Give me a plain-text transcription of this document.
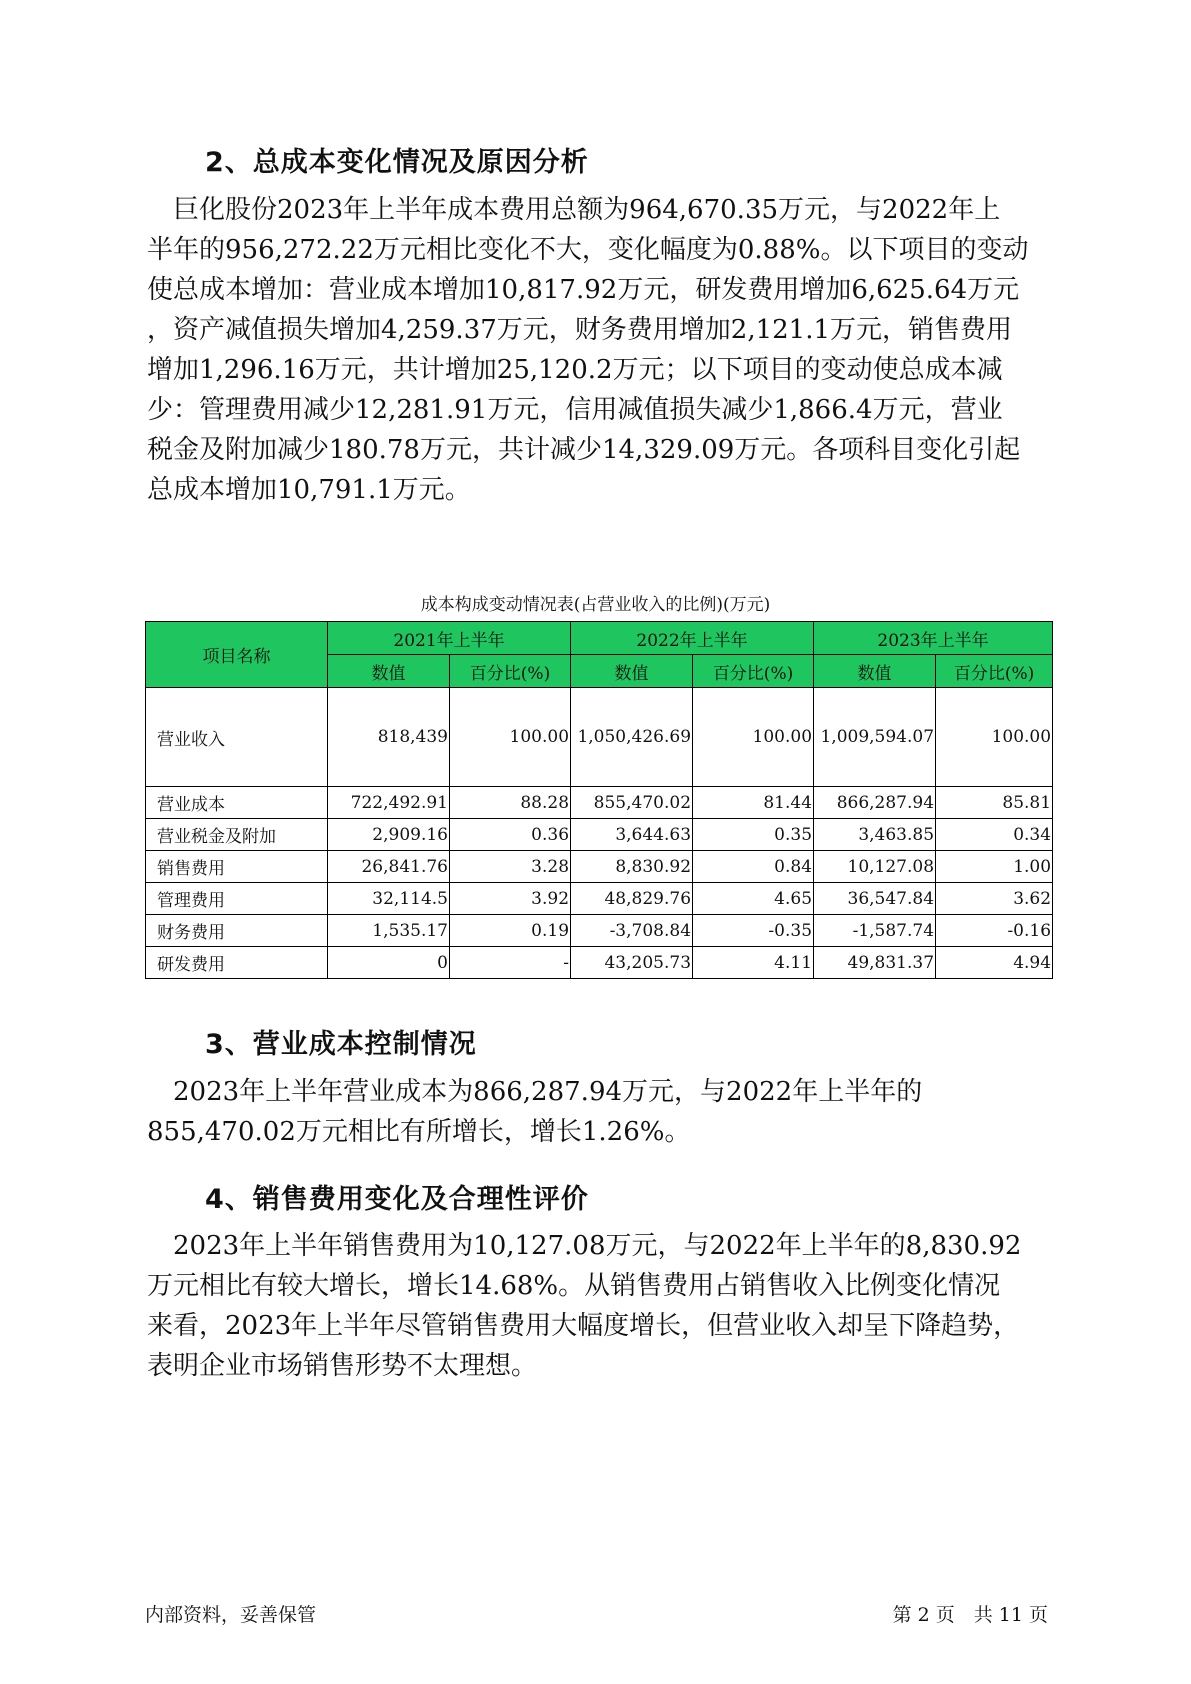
2、总成本变化情况及原因分析
　巨化股份2023年上半年成本费用总额为964,670.35万元，与2022年上
半年的956,272.22万元相比变化不大，变化幅度为0.88%。以下项目的变动
使总成本增加：营业成本增加10,817.92万元，研发费用增加6,625.64万元
，资产减值损失增加4,259.37万元，财务费用增加2,121.1万元，销售费用
增加1,296.16万元，共计增加25,120.2万元；以下项目的变动使总成本减
少：管理费用减少12,281.91万元，信用减值损失减少1,866.4万元，营业
税金及附加减少180.78万元，共计减少14,329.09万元。各项科目变化引起
总成本增加10,791.1万元。
成本构成变动情况表(占营业收入的比例)(万元)
项目名称	2021年上半年		2022年上半年		2023年上半年	
	数值	百分比(%)	数值	百分比(%)	数值	百分比(%)
营业收入	818,439	100.00	1,050,426.69	100.00	1,009,594.07	100.00
营业成本	722,492.91	88.28	855,470.02	81.44	866,287.94	85.81
营业税金及附加	2,909.16	0.36	3,644.63	0.35	3,463.85	0.34
销售费用	26,841.76	3.28	8,830.92	0.84	10,127.08	1.00
管理费用	32,114.5	3.92	48,829.76	4.65	36,547.84	3.62
财务费用	1,535.17	0.19	-3,708.84	-0.35	-1,587.74	-0.16
研发费用	0	-	43,205.73	4.11	49,831.37	4.94
3、营业成本控制情况
　2023年上半年营业成本为866,287.94万元，与2022年上半年的
855,470.02万元相比有所增长，增长1.26%。
4、销售费用变化及合理性评价
　2023年上半年销售费用为10,127.08万元，与2022年上半年的8,830.92
万元相比有较大增长，增长14.68%。从销售费用占销售收入比例变化情况
来看，2023年上半年尽管销售费用大幅度增长，但营业收入却呈下降趋势，
表明企业市场销售形势不太理想。
内部资料，妥善保管	第 2 页　共 11 页
